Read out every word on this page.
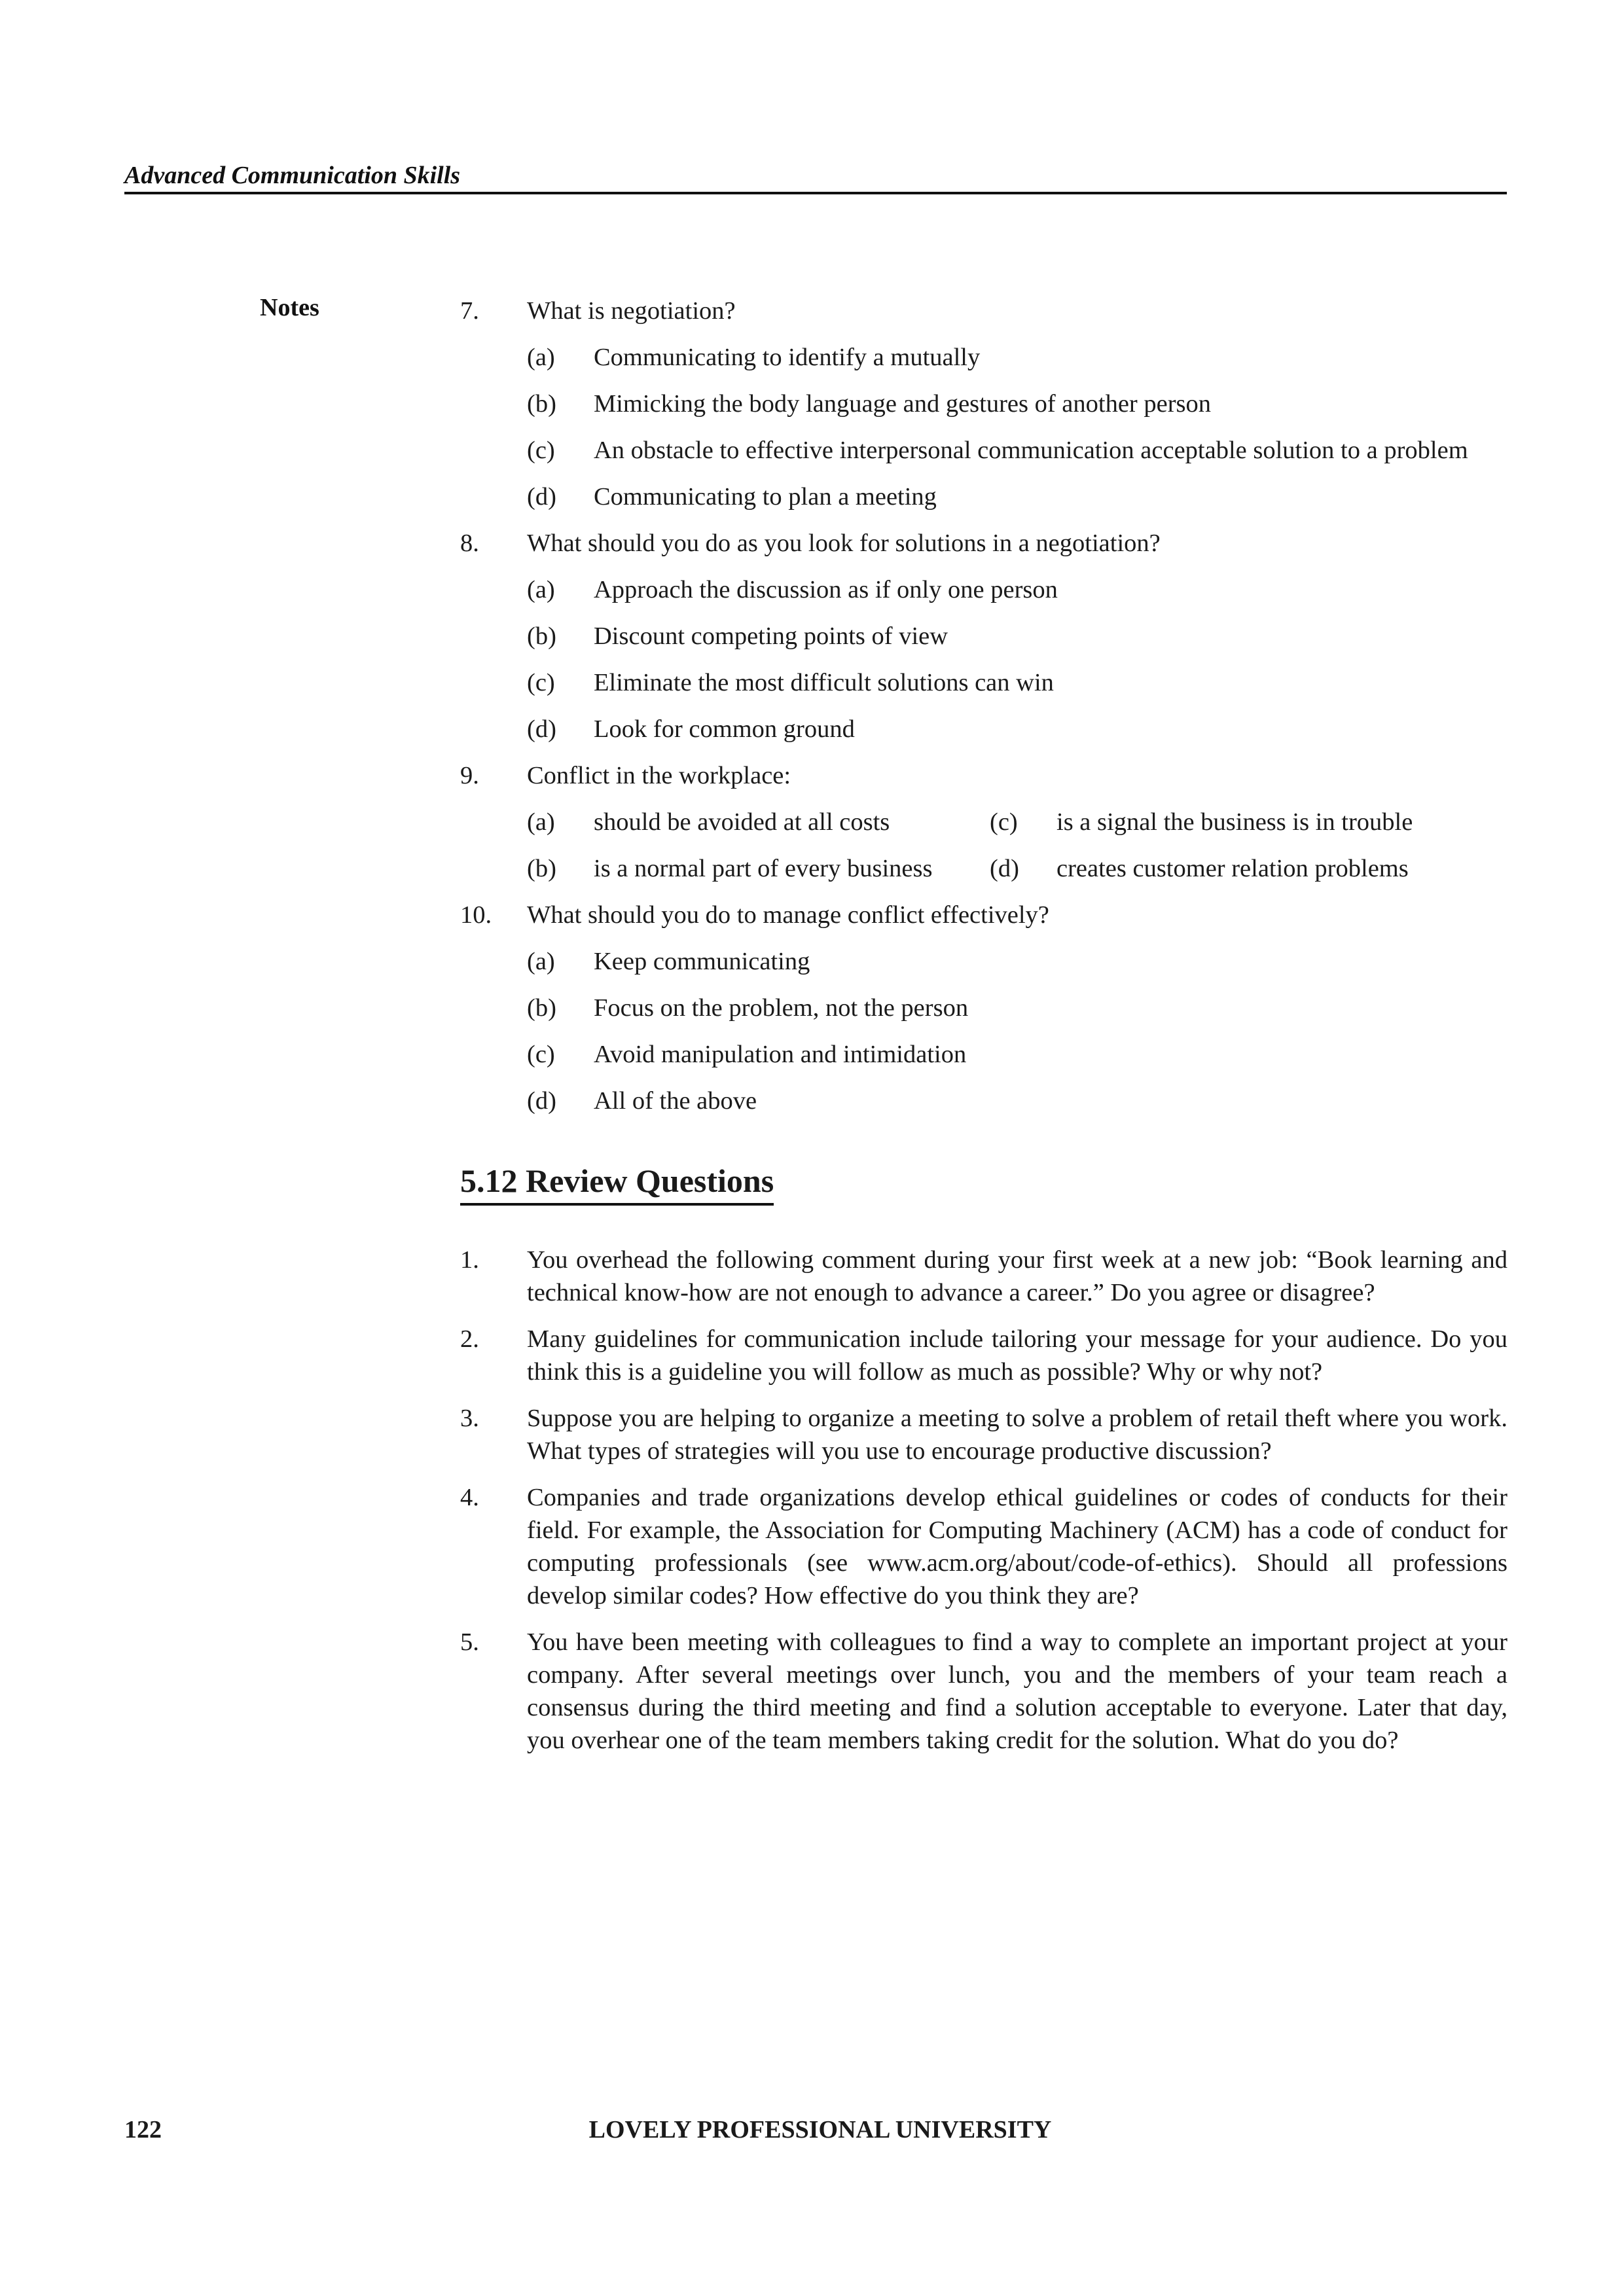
Advanced Communication Skills
Notes	7.	What is negotiation?
(a)	Communicating to identify a mutually
(b)	Mimicking the body language and gestures of another person
(c)	An obstacle to effective interpersonal communication acceptable solution to a problem
(d)	Communicating to plan a meeting
8.	What should you do as you look for solutions in a negotiation?
(a)	Approach the discussion as if only one person
(b)	Discount competing points of view
(c)	Eliminate the most difficult solutions can win
(d)	Look for common ground
9.	Conflict in the workplace:
(a)	should be avoided at all costs	(c)	is a signal the business is in trouble
(b)	is a normal part of every business	(d)	creates customer relation problems
10.	What should you do to manage conflict effectively?
(a)	Keep communicating
(b)	Focus on the problem, not the person
(c)	Avoid manipulation and intimidation
(d)	All of the above
5.12 Review Questions
1.	You overhead the following comment during your first week at a new job: “Book learning and technical know-how are not enough to advance a career.” Do you agree or disagree?
2.	Many guidelines for communication include tailoring your message for your audience. Do you think this is a guideline you will follow as much as possible? Why or why not?
3.	Suppose you are helping to organize a meeting to solve a problem of retail theft where you work. What types of strategies will you use to encourage productive discussion?
4.	Companies and trade organizations develop ethical guidelines or codes of conducts for their field. For example, the Association for Computing Machinery (ACM) has a code of conduct for computing professionals (see www.acm.org/about/code-of-ethics). Should all professions develop similar codes? How effective do you think they are?
5.	You have been meeting with colleagues to find a way to complete an important project at your company. After several meetings over lunch, you and the members of your team reach a consensus during the third meeting and find a solution acceptable to everyone. Later that day, you overhear one of the team members taking credit for the solution. What do you do?
122	LOVELY PROFESSIONAL UNIVERSITY
